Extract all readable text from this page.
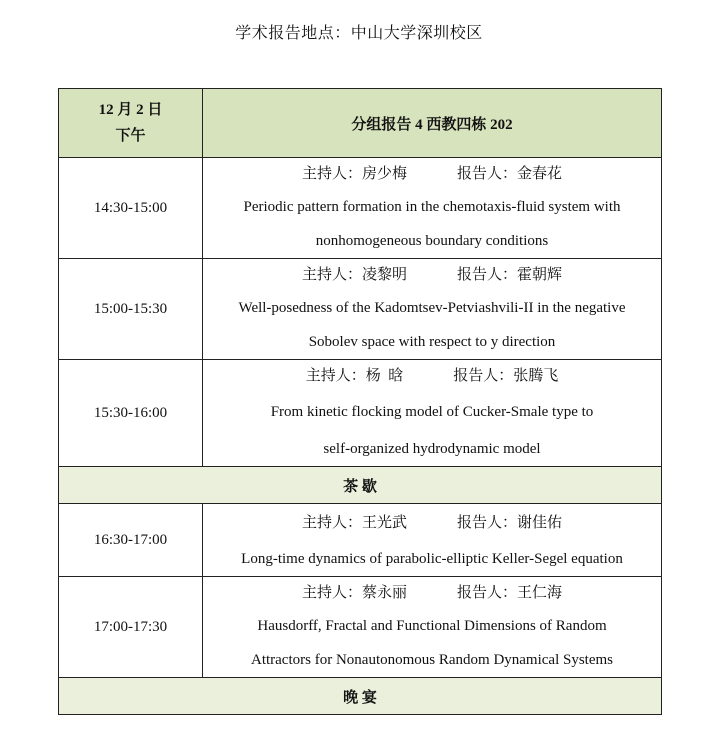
学术报告地点：中山大学深圳校区
12 月 2 日
下午	分组报告 4 西教四栋 202
14:30-15:00	主持人：房少梅 报告人：金春花
Periodic pattern formation in the chemotaxis-fluid system with
nonhomogeneous boundary conditions

15:00-15:30	主持人：凌黎明 报告人：霍朝辉
Well-posedness of the Kadomtsev-Petviashvili-II in the negative
Sobolev space with respect to y direction

15:30-16:00	主持人：杨  晗 报告人：张腾飞
From kinetic flocking model of Cucker-Smale type to
self-organized hydrodynamic model

茶 歇	
16:30-17:00	主持人：王光武 报告人：谢佳佑
Long-time dynamics of parabolic-elliptic Keller-Segel equation

17:00-17:30	主持人：蔡永丽 报告人：王仁海
Hausdorff, Fractal and Functional Dimensions of Random
Attractors for Nonautonomous Random Dynamical Systems

晚 宴	
